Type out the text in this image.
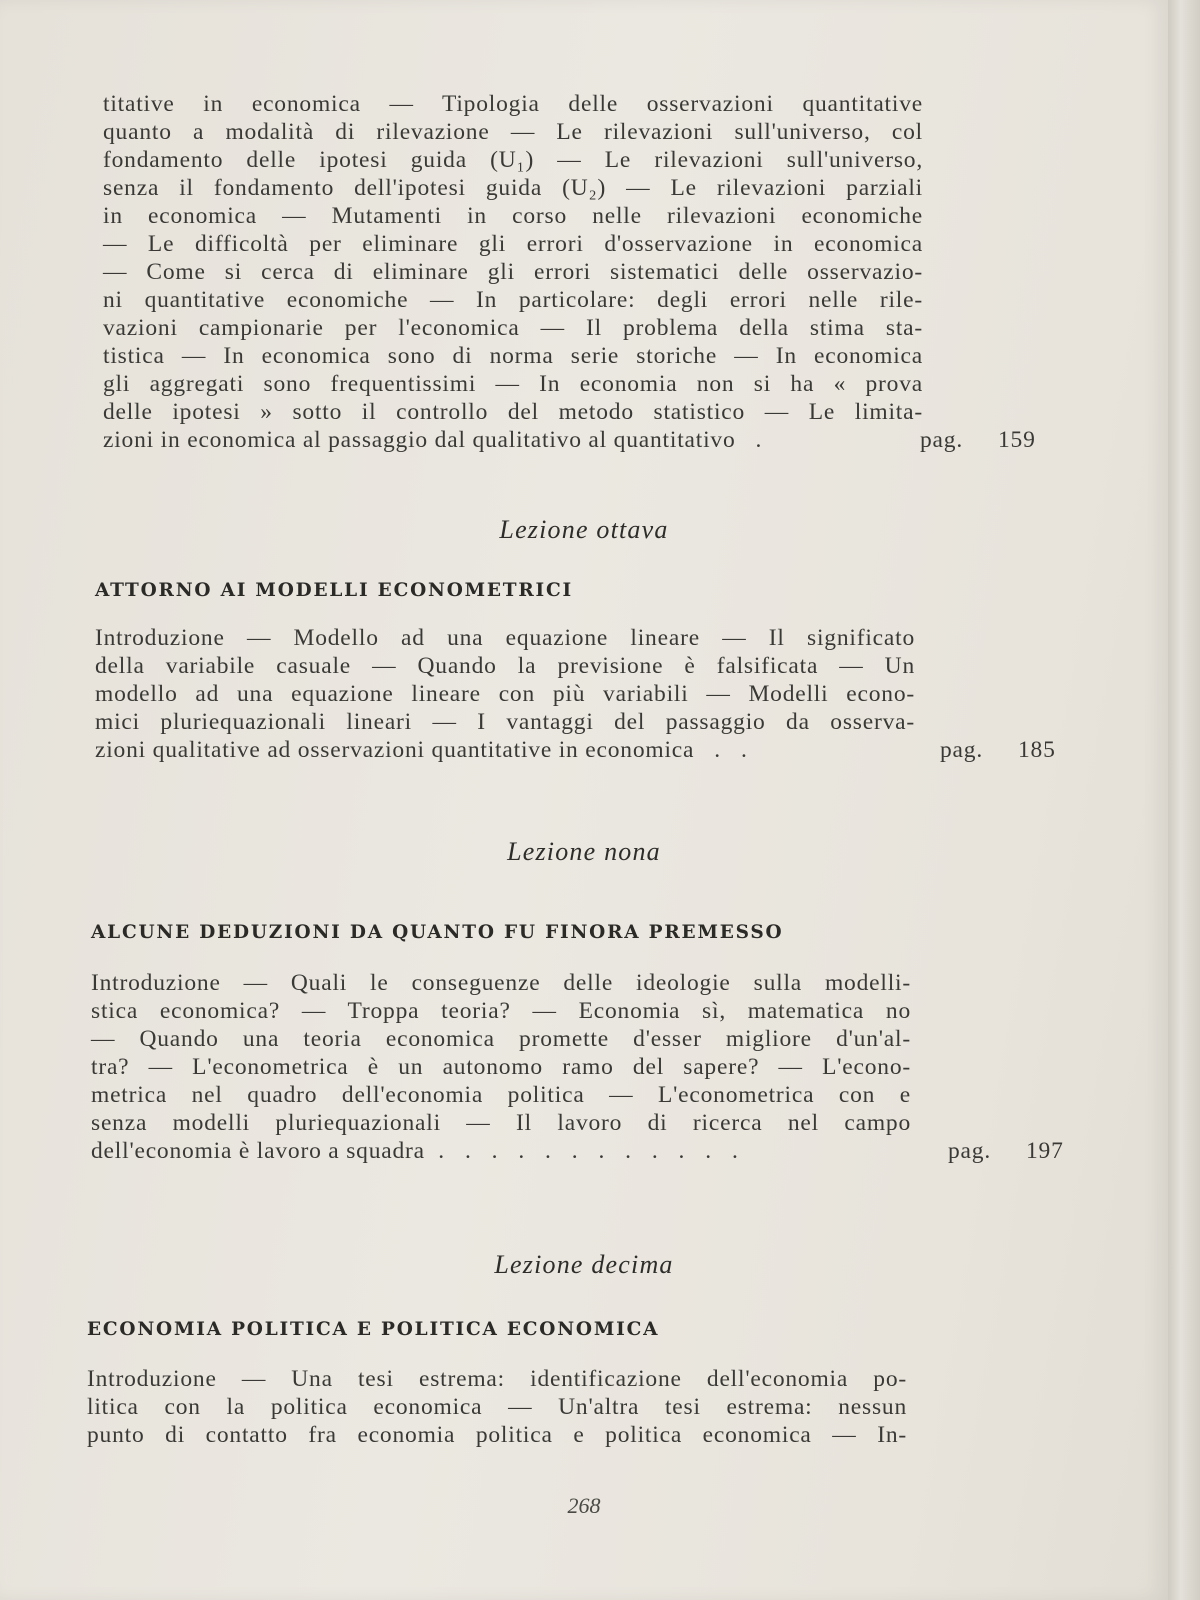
titative in economica — Tipologia delle osservazioni quantitative
quanto a modalità di rilevazione — Le rilevazioni sull'universo, col
fondamento delle ipotesi guida (U₁) — Le rilevazioni sull'universo,
senza il fondamento dell'ipotesi guida (U₂) — Le rilevazioni parziali
in economica — Mutamenti in corso nelle rilevazioni economiche
— Le difficoltà per eliminare gli errori d'osservazione in economica
— Come si cerca di eliminare gli errori sistematici delle osservazio-
ni quantitative economiche — In particolare: degli errori nelle rile-
vazioni campionarie per l'economica — Il problema della stima sta-
tistica — In economica sono di norma serie storiche — In economica
gli aggregati sono frequentissimi — In economia non si ha « prova
delle ipotesi » sotto il controllo del metodo statistico — Le limita-
zioni in economica al passaggio dal qualitativo al quantitativo   .	pag. 159
Lezione ottava
ATTORNO AI MODELLI ECONOMETRICI
Introduzione — Modello ad una equazione lineare — Il significato
della variabile casuale — Quando la previsione è falsificata — Un
modello ad una equazione lineare con più variabili — Modelli econo-
mici pluriequazionali lineari — I vantaggi del passaggio da osserva-
zioni qualitative ad osservazioni quantitative in economica   .   .	pag. 185
Lezione nona
ALCUNE DEDUZIONI DA QUANTO FU FINORA PREMESSO
Introduzione — Quali le conseguenze delle ideologie sulla modelli-
stica economica? — Troppa teoria? — Economia sì, matematica no
— Quando una teoria economica promette d'esser migliore d'un'al-
tra? — L'econometrica è un autonomo ramo del sapere? — L'econo-
metrica nel quadro dell'economia politica — L'econometrica con e
senza modelli pluriequazionali — Il lavoro di ricerca nel campo
dell'economia è lavoro a squadra  .   .   .   .   .   .   .   .   .   .   .   .	pag. 197
Lezione decima
ECONOMIA POLITICA E POLITICA ECONOMICA
Introduzione — Una tesi estrema: identificazione dell'economia po-
litica con la politica economica — Un'altra tesi estrema: nessun
punto di contatto fra economia politica e politica economica — In-
268
